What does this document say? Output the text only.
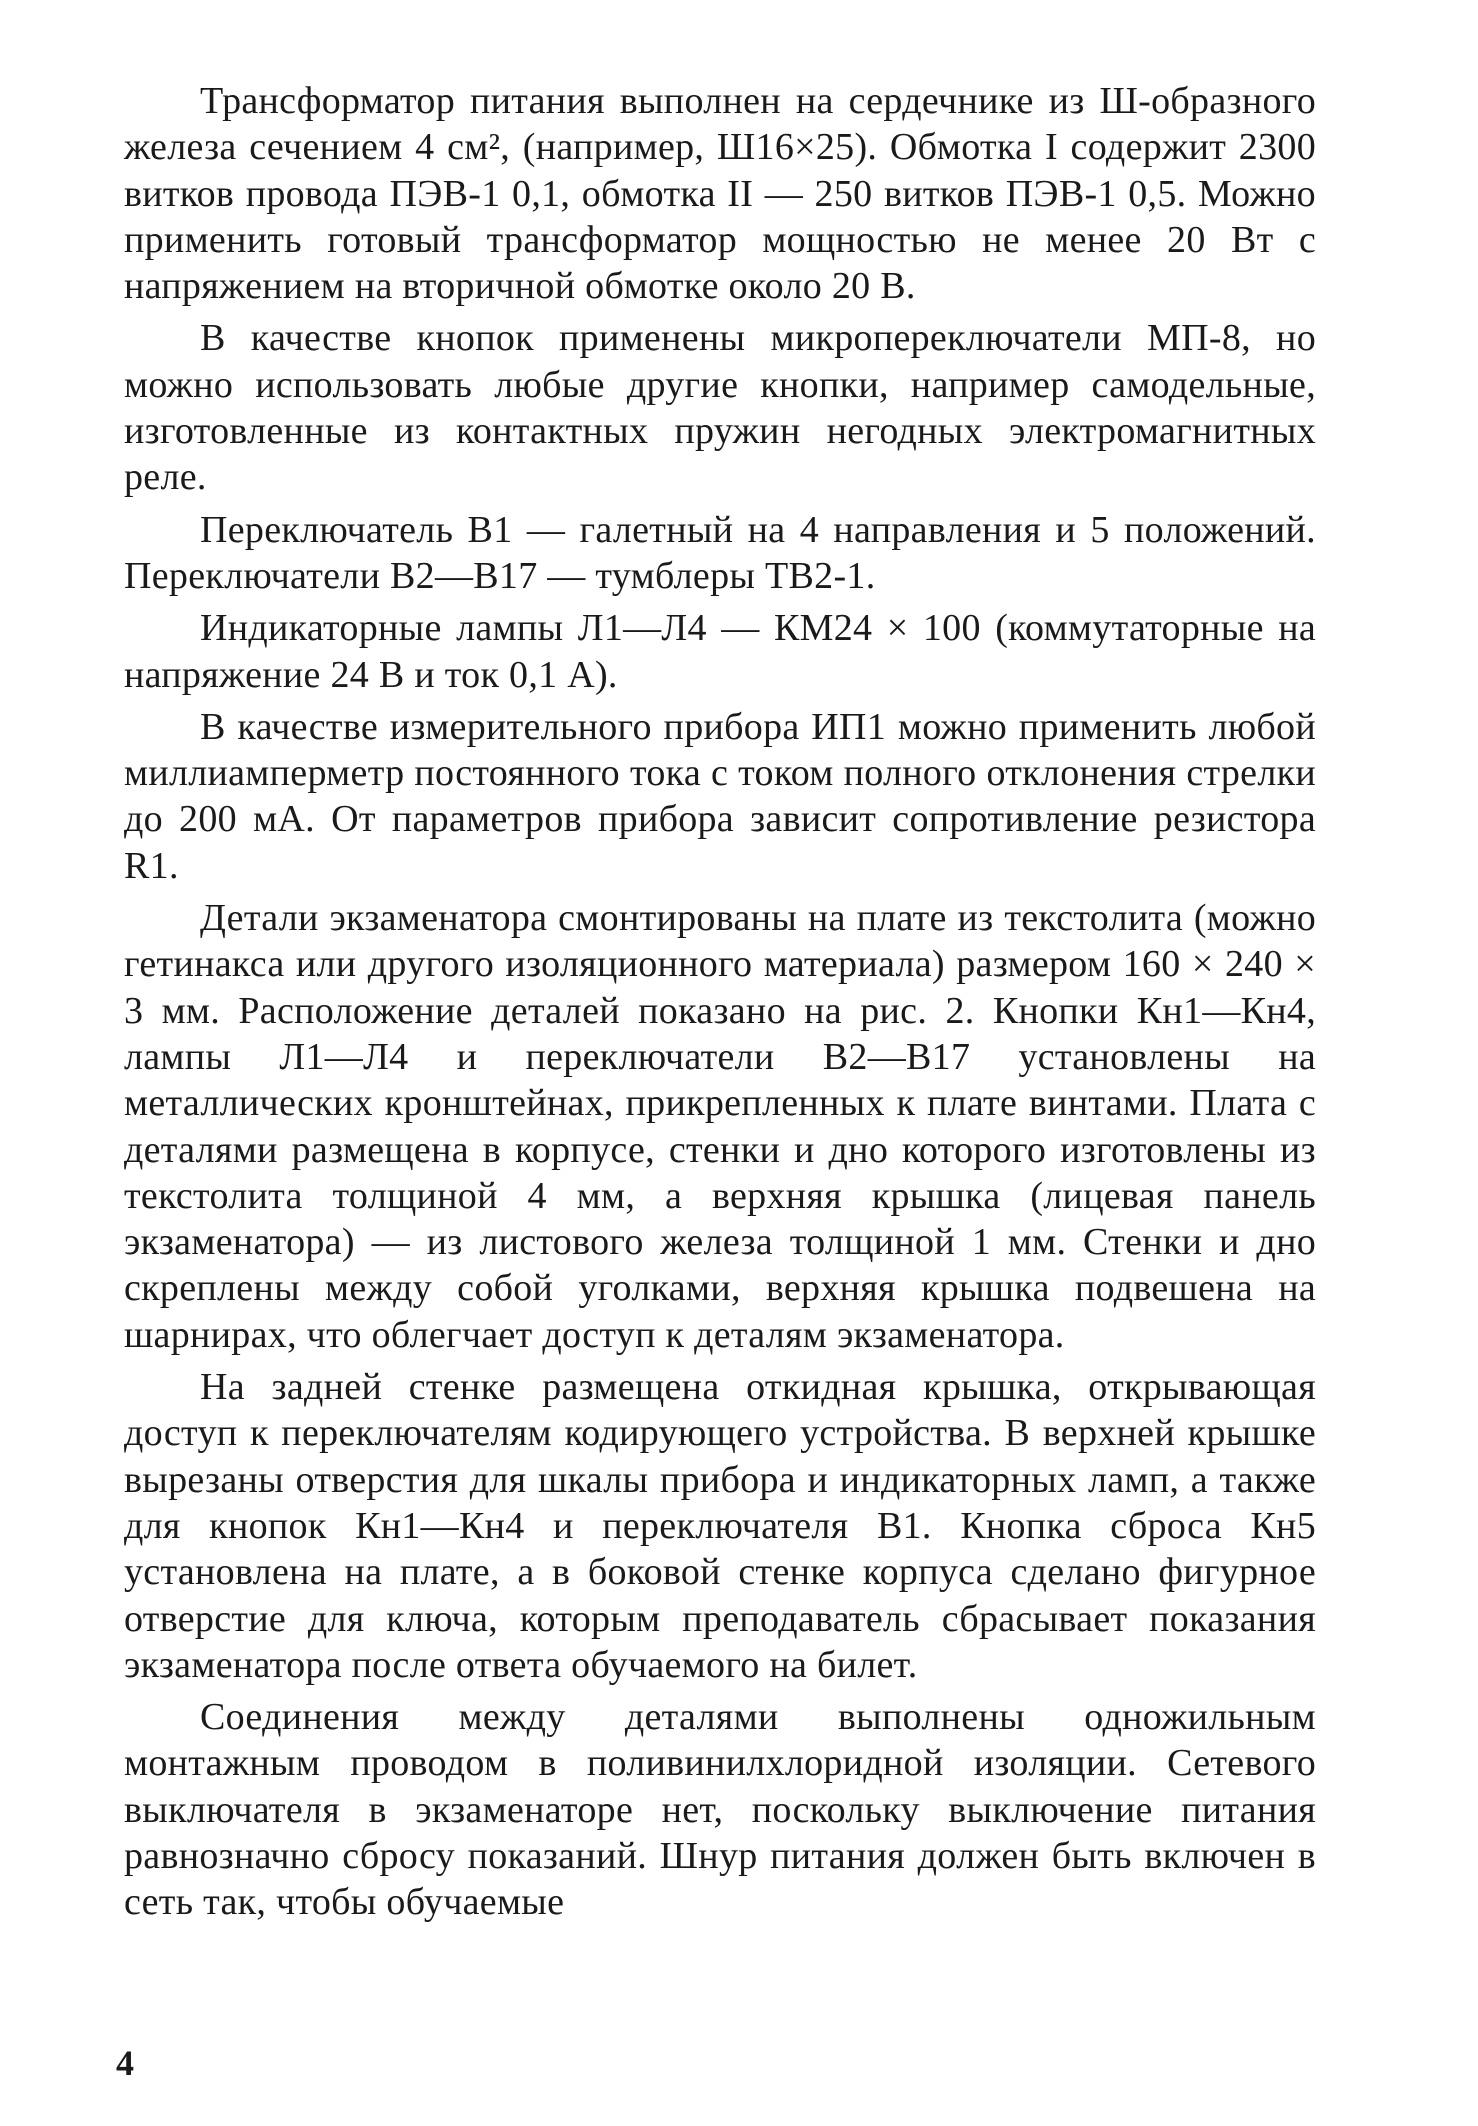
Трансформатор питания выполнен на сердечнике из Ш-образного железа сечением 4 см², (например, Ш16×25). Обмотка I содержит 2300 витков провода ПЭВ-1 0,1, обмотка II — 250 витков ПЭВ-1 0,5. Можно применить готовый трансформатор мощностью не менее 20 Вт с напряжением на вторичной обмотке около 20 В.

В качестве кнопок применены микропереключатели МП-8, но можно использовать любые другие кнопки, например самодельные, изготовленные из контактных пружин негодных электромагнитных реле.

Переключатель В1 — галетный на 4 направления и 5 положений. Переключатели В2—В17 — тумблеры ТВ2-1.

Индикаторные лампы Л1—Л4 — КМ24 × 100 (коммутаторные на напряжение 24 В и ток 0,1 А).

В качестве измерительного прибора ИП1 можно применить любой миллиамперметр постоянного тока с током полного отклонения стрелки до 200 мА. От параметров прибора зависит сопротивление резистора R1.

Детали экзаменатора смонтированы на плате из текстолита (можно гетинакса или другого изоляционного материала) размером 160 × 240 × 3 мм. Расположение деталей показано на рис. 2. Кнопки Кн1—Кн4, лампы Л1—Л4 и переключатели В2—В17 установлены на металлических кронштейнах, прикрепленных к плате винтами. Плата с деталями размещена в корпусе, стенки и дно которого изготовлены из текстолита толщиной 4 мм, а верхняя крышка (лицевая панель экзаменатора) — из листового железа толщиной 1 мм. Стенки и дно скреплены между собой уголками, верхняя крышка подвешена на шарнирах, что облегчает доступ к деталям экзаменатора.

На задней стенке размещена откидная крышка, открывающая доступ к переключателям кодирующего устройства. В верхней крышке вырезаны отверстия для шкалы прибора и индикаторных ламп, а также для кнопок Кн1—Кн4 и переключателя В1. Кнопка сброса Кн5 установлена на плате, а в боковой стенке корпуса сделано фигурное отверстие для ключа, которым преподаватель сбрасывает показания экзаменатора после ответа обучаемого на билет.

Соединения между деталями выполнены одножильным монтажным проводом в поливинилхлоридной изоляции. Сетевого выключателя в экзаменаторе нет, поскольку выключение питания равнозначно сбросу показаний. Шнур питания должен быть включен в сеть так, чтобы обучаемые

4
